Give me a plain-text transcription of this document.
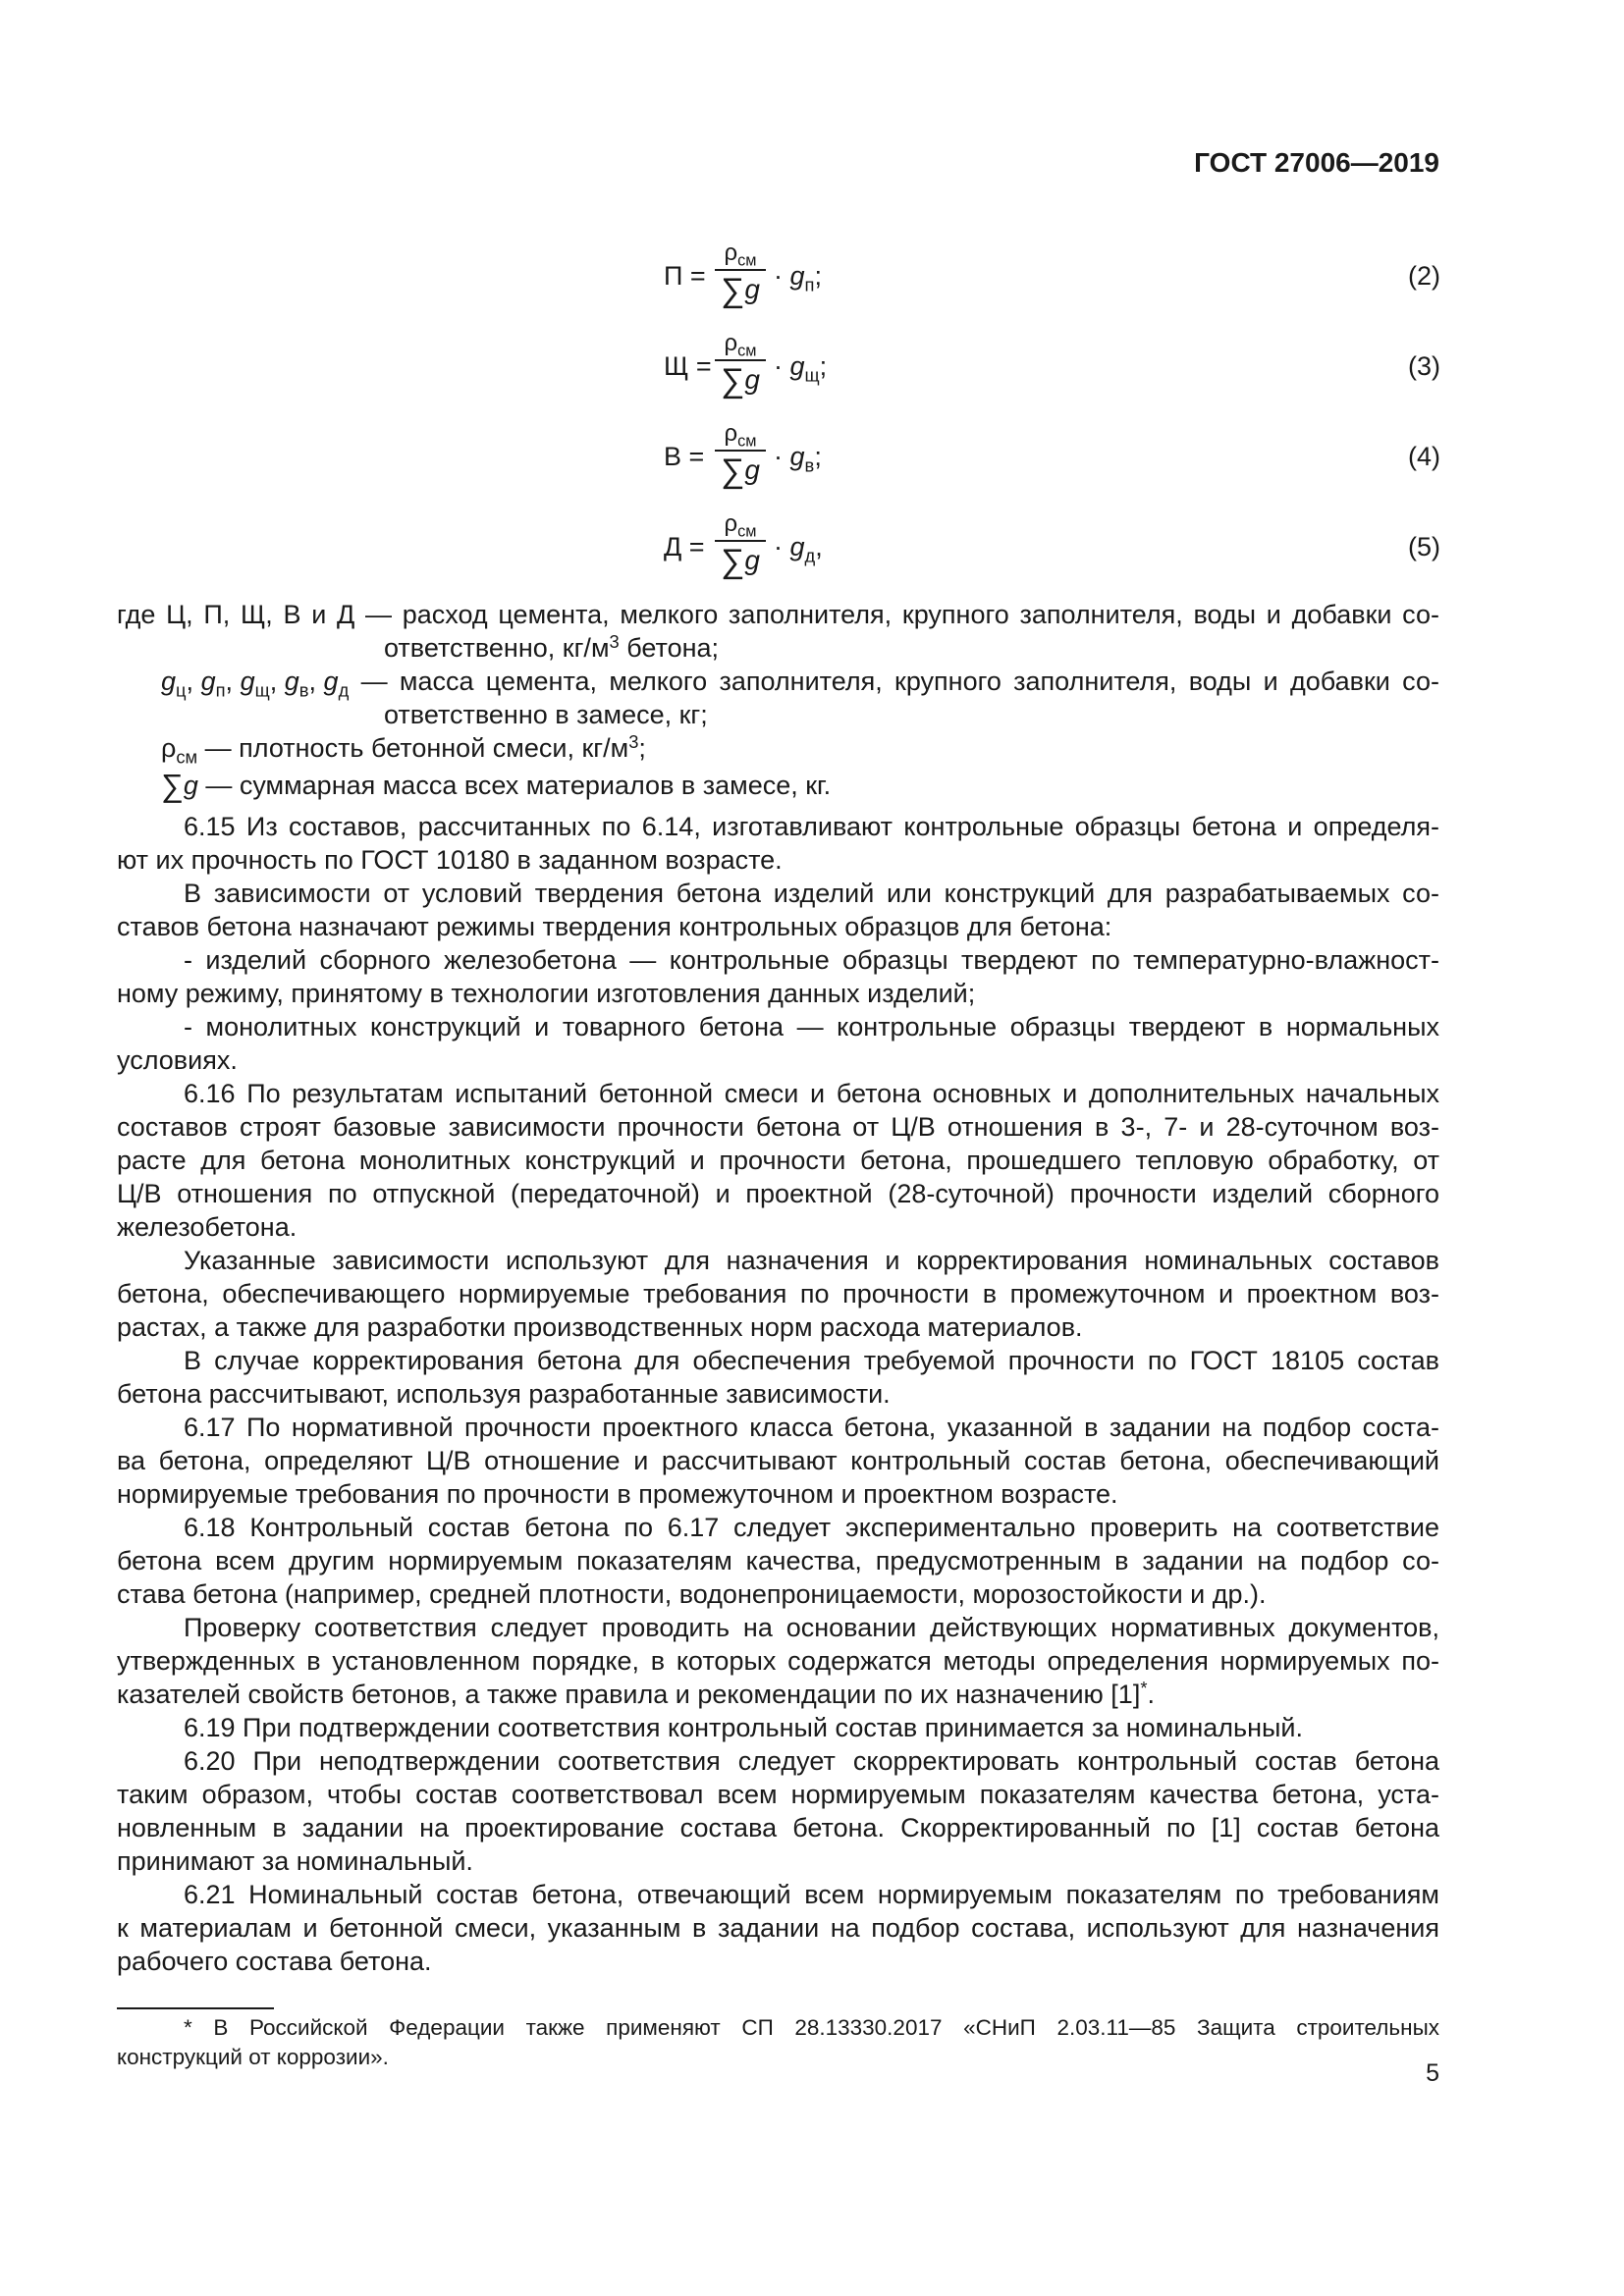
ГОСТ 27006—2019
П =
$\rho_{см}$
$\sum g \cdot g_п$;	(2)
Щ =
$\rho_{см}$
$\sum g \cdot g_щ$;	(3)
В =
$\rho_{см}$
$\sum g \cdot g_в$;	(4)
Д =
$\rho_{см}$
$\sum g \cdot g_д$,	(5)
где Ц, П, Щ, В и Д — расход цемента, мелкого заполнителя, крупного заполнителя, воды и добавки со-
ответственно, $кг/м^3$ бетона;
$g_ц$, $g_п$, $g_щ$, $g_в$, $g_д$ — масса цемента, мелкого заполнителя, крупного заполнителя, воды и добавки со-
ответственно в замесе, кг;
$\rho_{см}$ — плотность бетонной смеси, $кг/м^3$;
∑g — суммарная масса всех материалов в замесе, кг.
6.15 Из составов, рассчитанных по 6.14, изготавливают контрольные образцы бетона и определя-
ют их прочность по ГОСТ 10180 в заданном возрасте.
В зависимости от условий твердения бетона изделий или конструкций для разрабатываемых со-
ставов бетона назначают режимы твердения контрольных образцов для бетона:
- изделий сборного железобетона — контрольные образцы твердеют по температурно-влажност-
ному режиму, принятому в технологии изготовления данных изделий;
- монолитных конструкций и товарного бетона — контрольные образцы твердеют в нормальных
условиях.
6.16 По результатам испытаний бетонной смеси и бетона основных и дополнительных начальных
составов строят базовые зависимости прочности бетона от Ц/В отношения в 3-, 7- и 28-суточном воз-
расте для бетона монолитных конструкций и прочности бетона, прошедшего тепловую обработку, от
Ц/В отношения по отпускной (передаточной) и проектной (28-суточной) прочности изделий сборного
железобетона.
Указанные зависимости используют для назначения и корректирования номинальных составов
бетона, обеспечивающего нормируемые требования по прочности в промежуточном и проектном воз-
растах, а также для разработки производственных норм расхода материалов.
В случае корректирования бетона для обеспечения требуемой прочности по ГОСТ 18105 состав
бетона рассчитывают, используя разработанные зависимости.
6.17 По нормативной прочности проектного класса бетона, указанной в задании на подбор соста-
ва бетона, определяют Ц/В отношение и рассчитывают контрольный состав бетона, обеспечивающий
нормируемые требования по прочности в промежуточном и проектном возрасте.
6.18 Контрольный состав бетона по 6.17 следует экспериментально проверить на соответствие
бетона всем другим нормируемым показателям качества, предусмотренным в задании на подбор со-
става бетона (например, средней плотности, водонепроницаемости, морозостойкости и др.).
Проверку соответствия следует проводить на основании действующих нормативных документов,
утвержденных в установленном порядке, в которых содержатся методы определения нормируемых по-
казателей свойств бетонов, а также правила и рекомендации по их назначению [1]*.
6.19 При подтверждении соответствия контрольный состав принимается за номинальный.
6.20 При неподтверждении соответствия следует скорректировать контрольный состав бетона
таким образом, чтобы состав соответствовал всем нормируемым показателям качества бетона, уста-
новленным в задании на проектирование состава бетона. Скорректированный по [1] состав бетона
принимают за номинальный.
6.21 Номинальный состав бетона, отвечающий всем нормируемым показателям по требованиям
к материалам и бетонной смеси, указанным в задании на подбор состава, используют для назначения
рабочего состава бетона.
* В Российской Федерации также применяют СП 28.13330.2017 «СНиП 2.03.11—85 Защита строительных
конструкций от коррозии».
5
